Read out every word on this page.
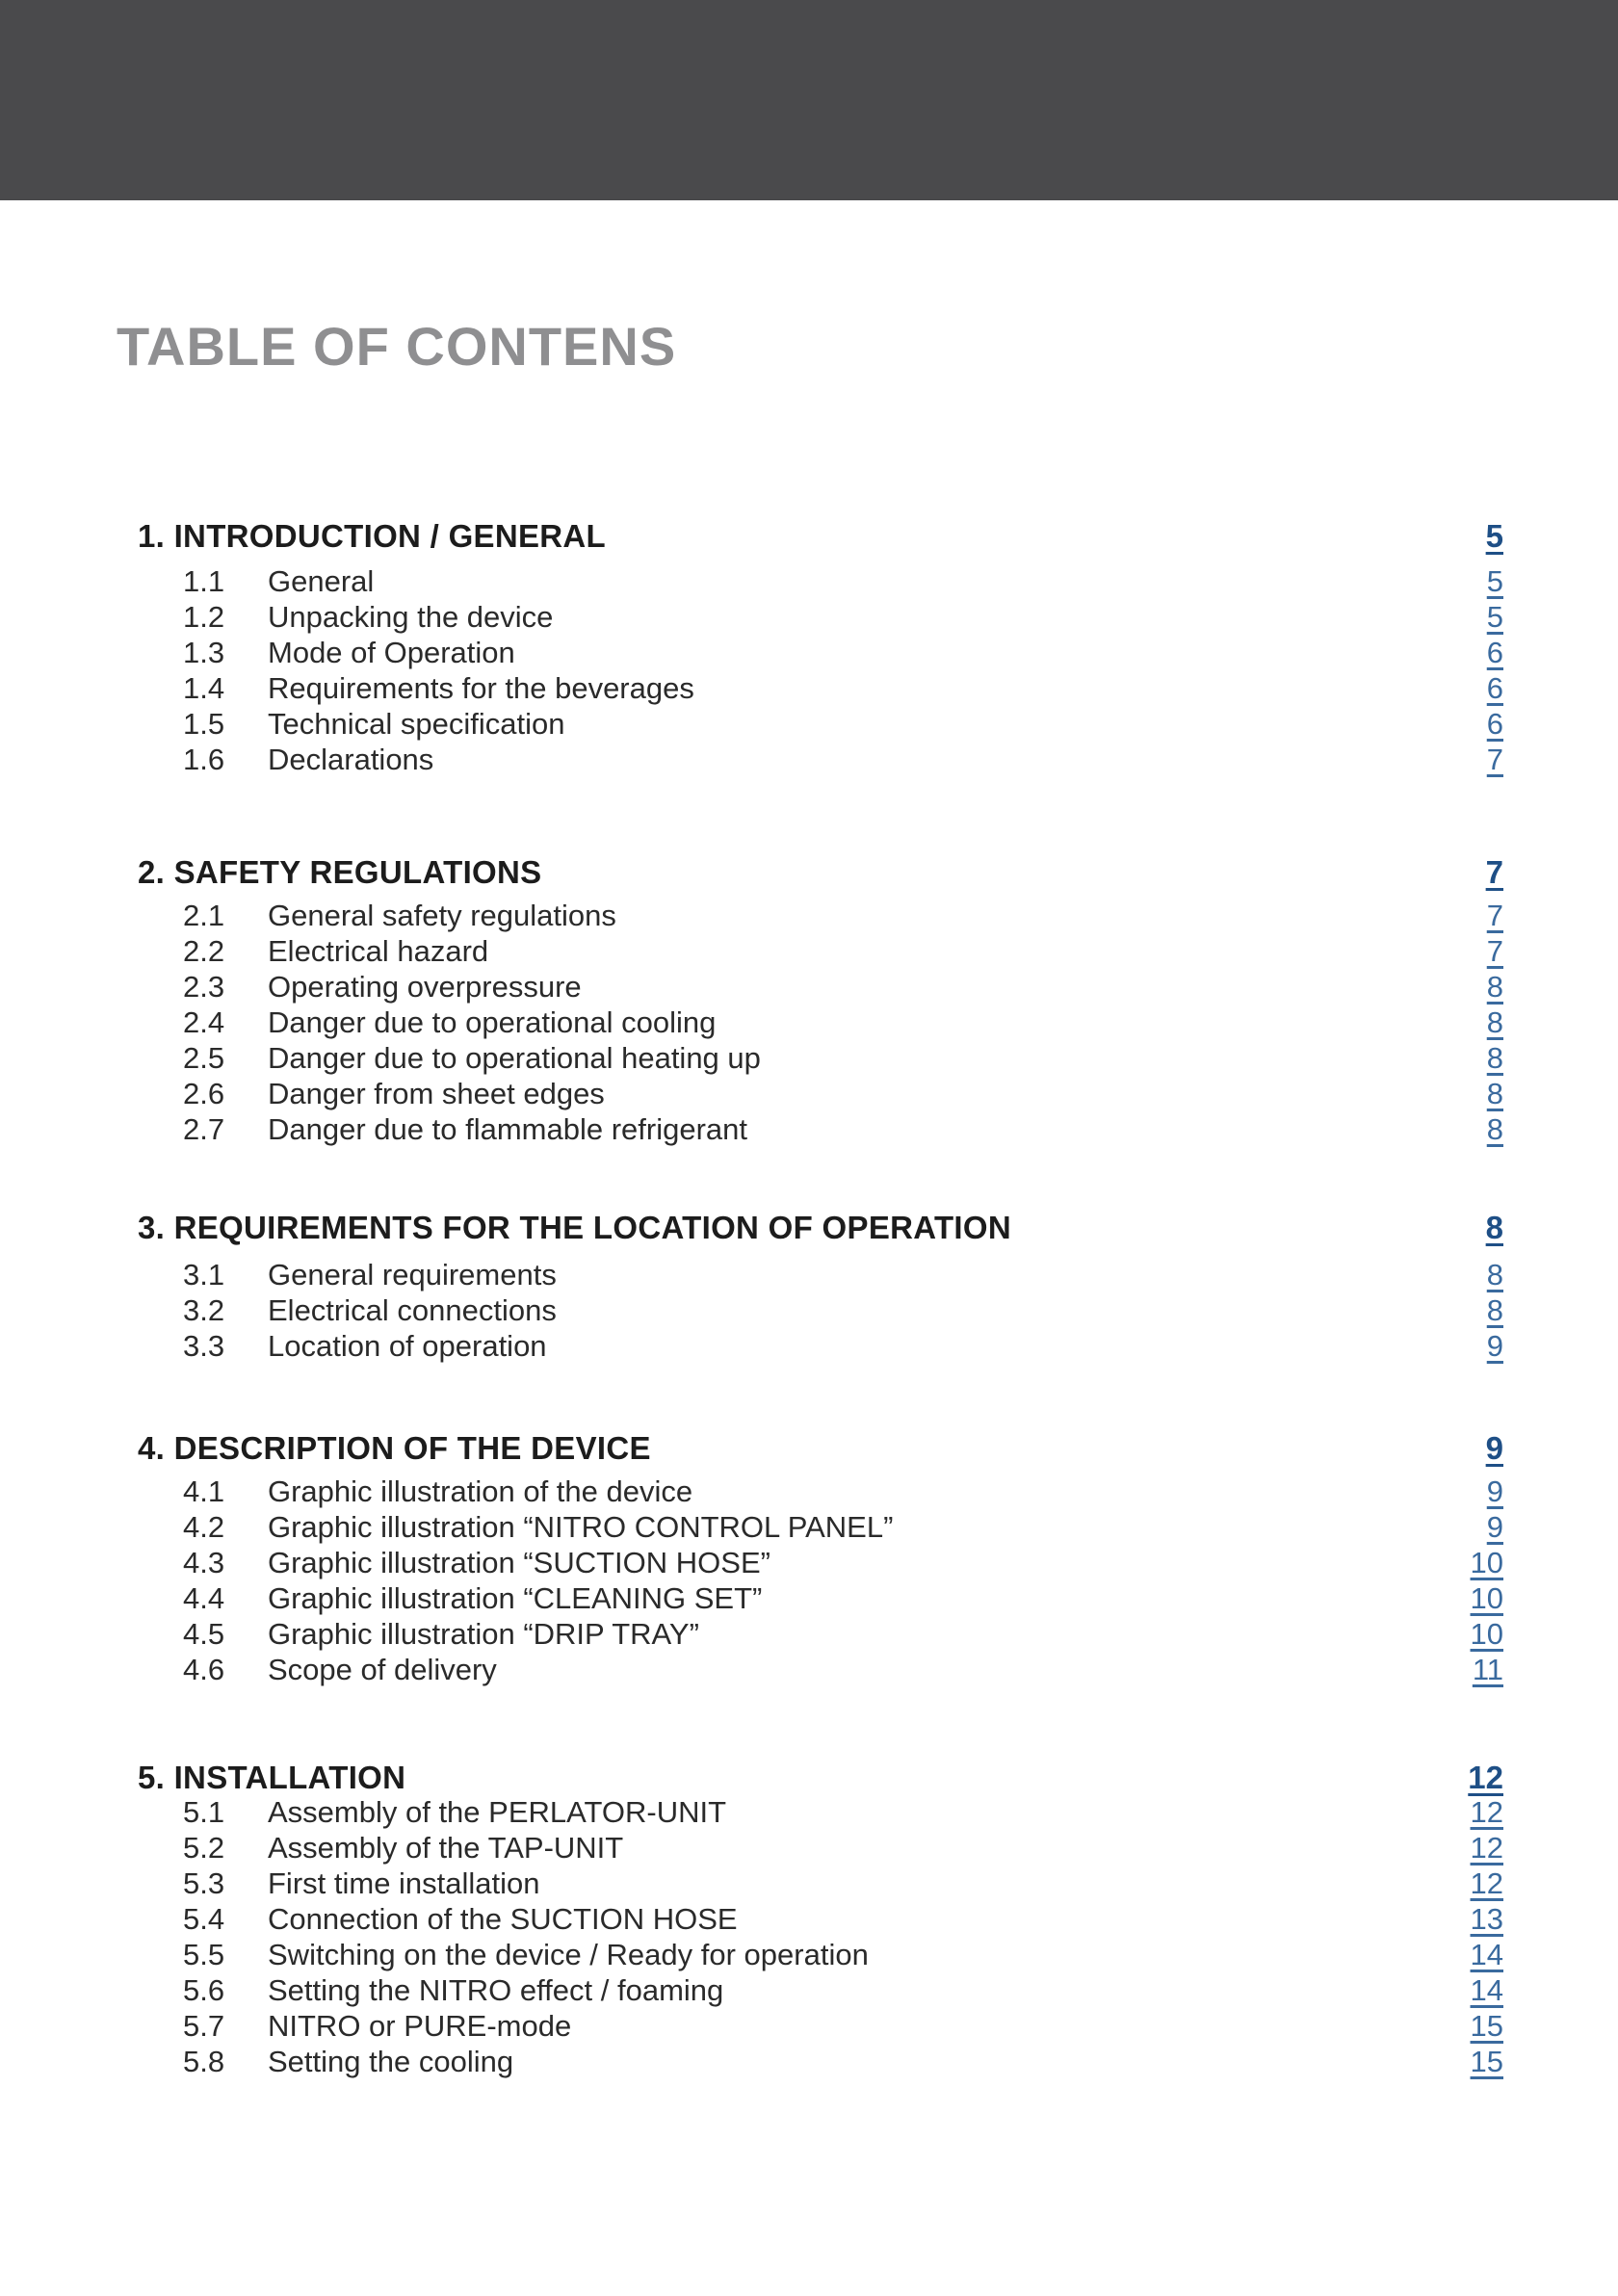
TABLE OF CONTENS
1. INTRODUCTION / GENERAL	5
1.1 General	5
1.2 Unpacking the device	5
1.3 Mode of Operation	6
1.4 Requirements for the beverages	6
1.5 Technical specification	6
1.6 Declarations	7
2. SAFETY REGULATIONS	7
2.1 General safety regulations	7
2.2 Electrical hazard	7
2.3 Operating overpressure	8
2.4 Danger due to operational cooling	8
2.5 Danger due to operational heating up	8
2.6 Danger from sheet edges	8
2.7 Danger due to flammable refrigerant	8
3. REQUIREMENTS FOR THE LOCATION OF OPERATION	8
3.1 General requirements	8
3.2 Electrical connections	8
3.3 Location of operation	9
4. DESCRIPTION OF THE DEVICE	9
4.1 Graphic illustration of the device	9
4.2 Graphic illustration “NITRO CONTROL PANEL”	9
4.3 Graphic illustration “SUCTION HOSE”	10
4.4 Graphic illustration “CLEANING SET”	10
4.5 Graphic illustration “DRIP TRAY”	10
4.6 Scope of delivery	11
5. INSTALLATION	12
5.1 Assembly of the PERLATOR-UNIT	12
5.2 Assembly of the TAP-UNIT	12
5.3 First time installation	12
5.4 Connection of the SUCTION HOSE	13
5.5 Switching on the device / Ready for operation	14
5.6 Setting the NITRO effect / foaming	14
5.7 NITRO or PURE-mode	15
5.8 Setting the cooling	15
